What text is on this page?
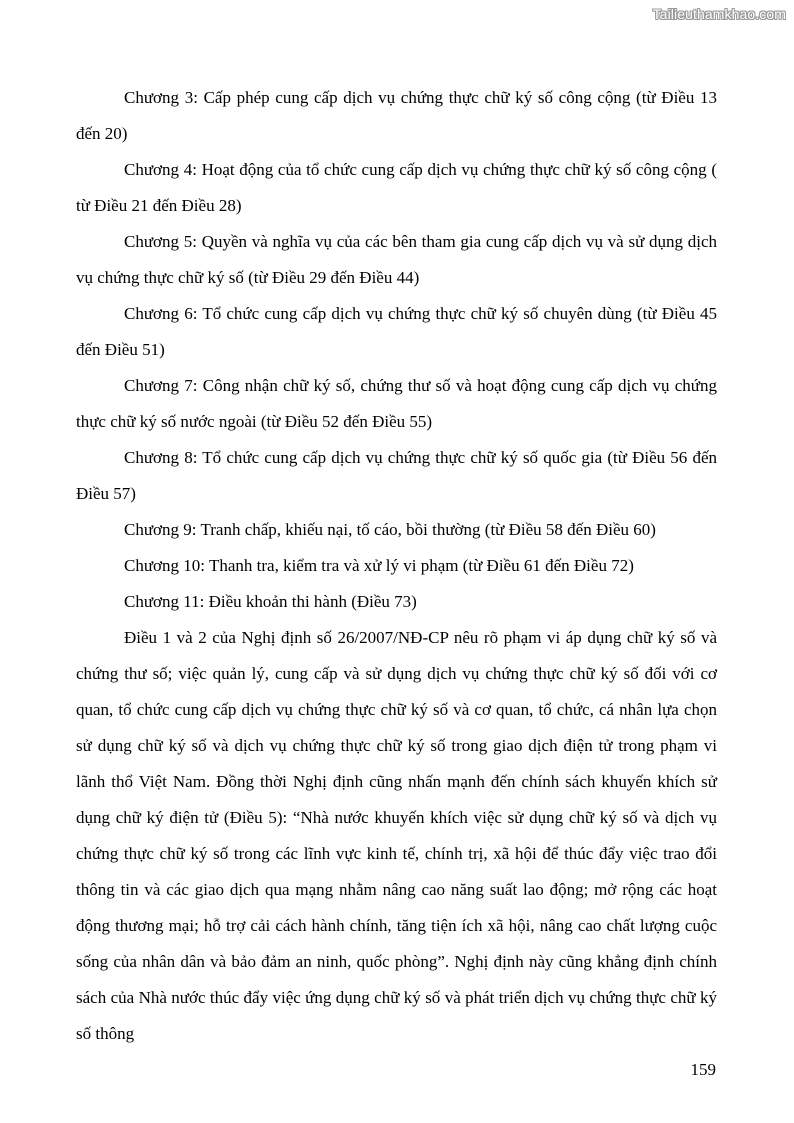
Tailieuthamkhao.com

Chương 3: Cấp phép cung cấp dịch vụ chứng thực chữ ký số công cộng (từ Điều 13 đến 20)

Chương 4: Hoạt động của tổ chức cung cấp dịch vụ chứng thực chữ ký số công cộng ( từ Điều 21 đến Điều 28)

Chương 5: Quyền và nghĩa vụ của các bên tham gia cung cấp dịch vụ và sử dụng dịch vụ chứng thực chữ ký số (từ Điều 29 đến Điều 44)

Chương 6: Tổ chức cung cấp dịch vụ chứng thực chữ ký số chuyên dùng (từ Điều 45 đến Điều 51)

Chương 7: Công nhận chữ ký số, chứng thư số và hoạt động cung cấp dịch vụ chứng thực chữ ký số nước ngoài (từ Điều 52 đến Điều 55)

Chương 8: Tổ chức cung cấp dịch vụ chứng thực chữ ký số quốc gia (từ Điều 56 đến Điều 57)

Chương 9: Tranh chấp, khiếu nại, tố cáo, bồi thường (từ Điều 58 đến Điều 60)

Chương 10: Thanh tra, kiểm tra và xử lý vi phạm (từ Điều 61 đến Điều 72)

Chương 11: Điều khoản thi hành (Điều 73)

Điều 1 và 2 của Nghị định số 26/2007/NĐ-CP nêu rõ phạm vi áp dụng chữ ký số và chứng thư số; việc quản lý, cung cấp và sử dụng dịch vụ chứng thực chữ ký số đối với cơ quan, tổ chức cung cấp dịch vụ chứng thực chữ ký số và cơ quan, tổ chức, cá nhân lựa chọn sử dụng chữ ký số và dịch vụ chứng thực chữ ký số trong giao dịch điện tử trong phạm vi lãnh thổ Việt Nam. Đồng thời Nghị định cũng nhấn mạnh đến chính sách khuyến khích sử dụng chữ ký điện tử (Điều 5): “Nhà nước khuyến khích việc sử dụng chữ ký số và dịch vụ chứng thực chữ ký số trong các lĩnh vực kinh tế, chính trị, xã hội để thúc đẩy việc trao đổi thông tin và các giao dịch qua mạng nhằm nâng cao năng suất lao động; mở rộng các hoạt động thương mại; hỗ trợ cải cách hành chính, tăng tiện ích xã hội, nâng cao chất lượng cuộc sống của nhân dân và bảo đảm an ninh, quốc phòng”. Nghị định này cũng khẳng định chính sách của Nhà nước thúc đẩy việc ứng dụng chữ ký số và phát triển dịch vụ chứng thực chữ ký số thông

159
